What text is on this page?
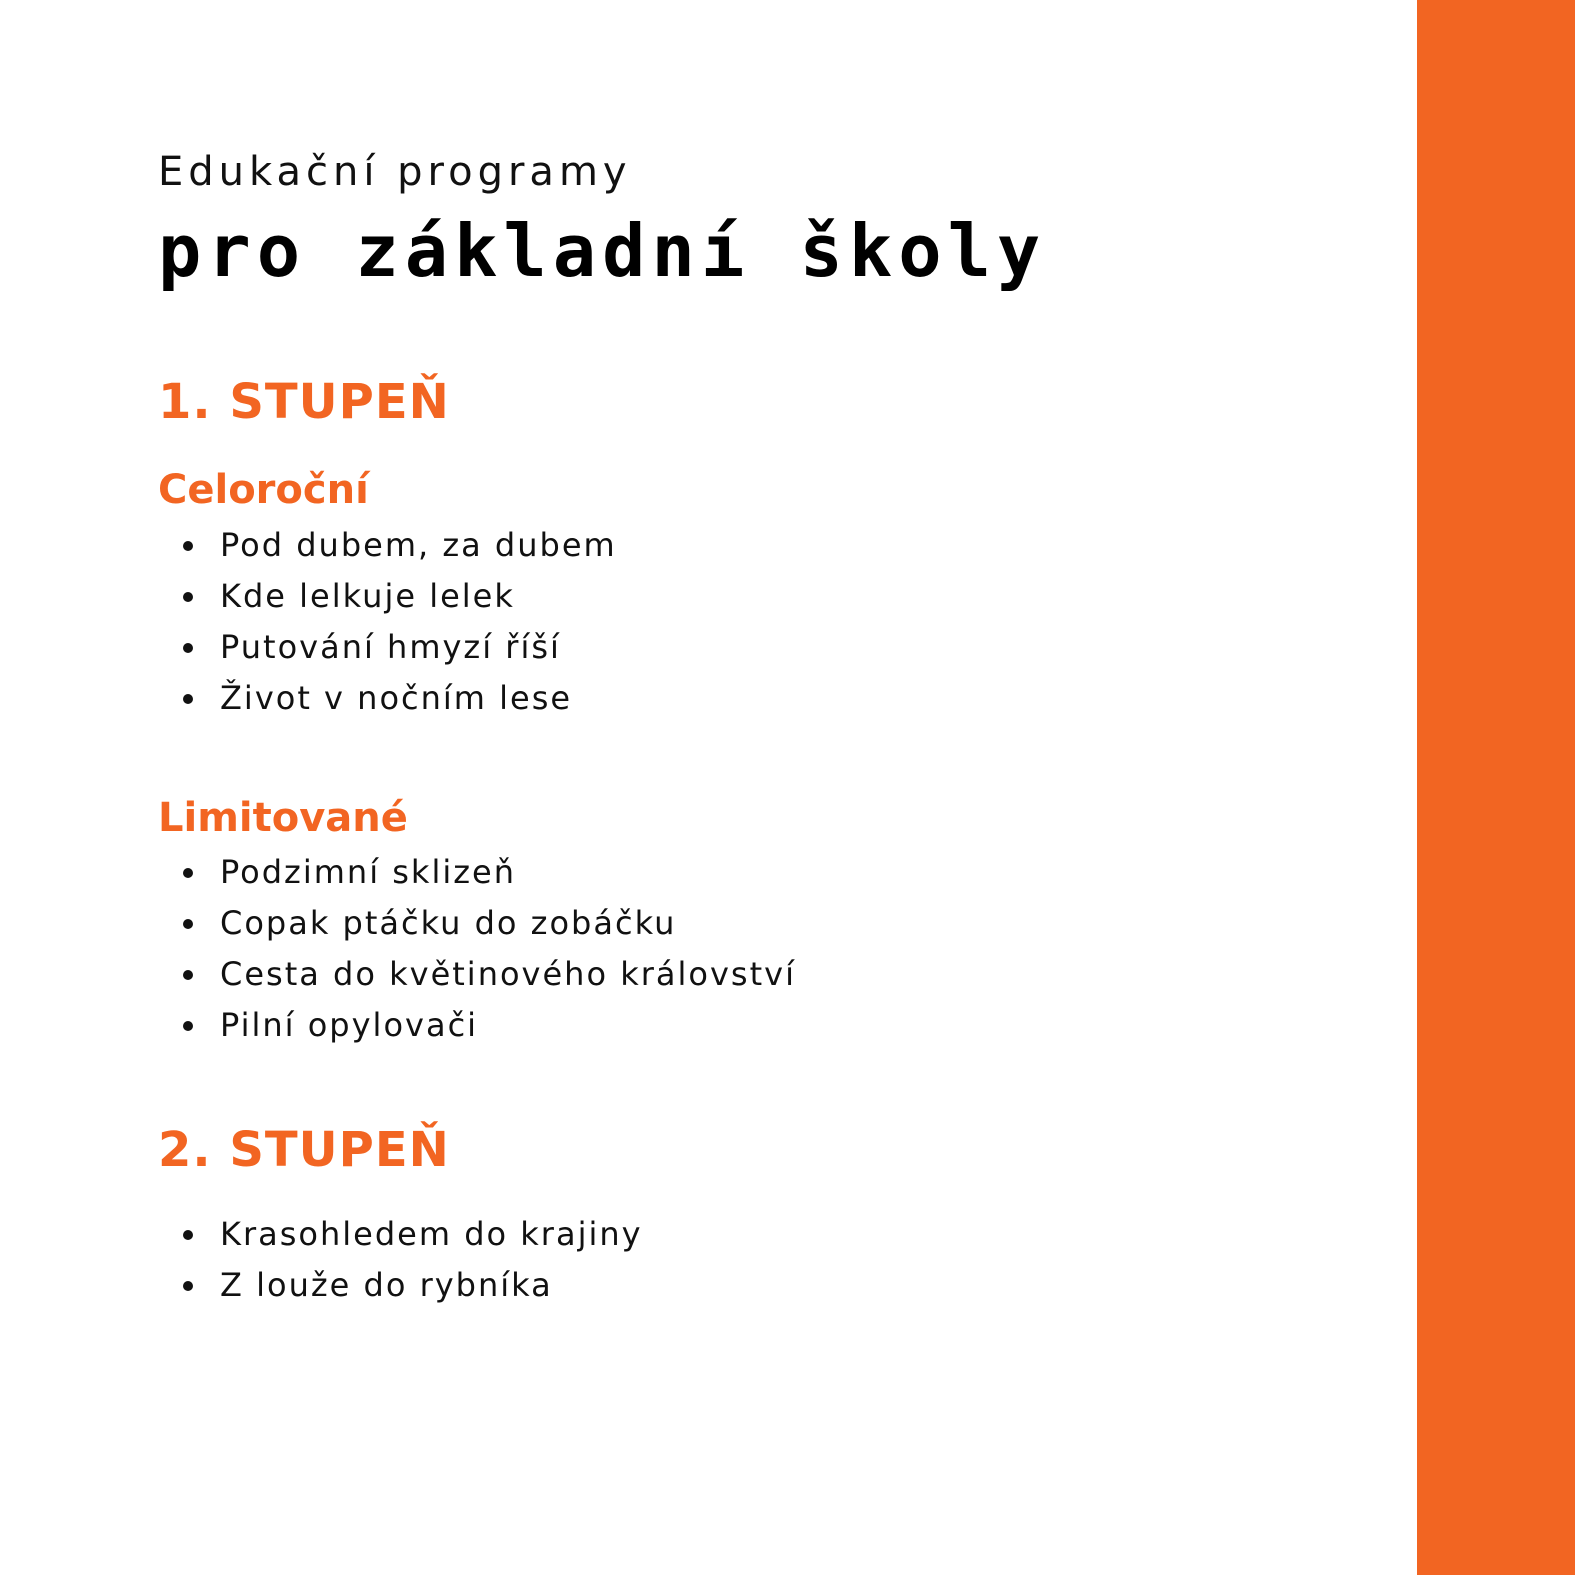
Edukační programy
pro základní školy
1. STUPEŇ
Celoroční
Pod dubem, za dubem
Kde lelkuje lelek
Putování hmyzí říší
Život v nočním lese
Limitované
Podzimní sklizeň
Copak ptáčku do zobáčku
Cesta do květinového království
Pilní opylovači
2. STUPEŇ
Krasohledem do krajiny
Z louže do rybníka
